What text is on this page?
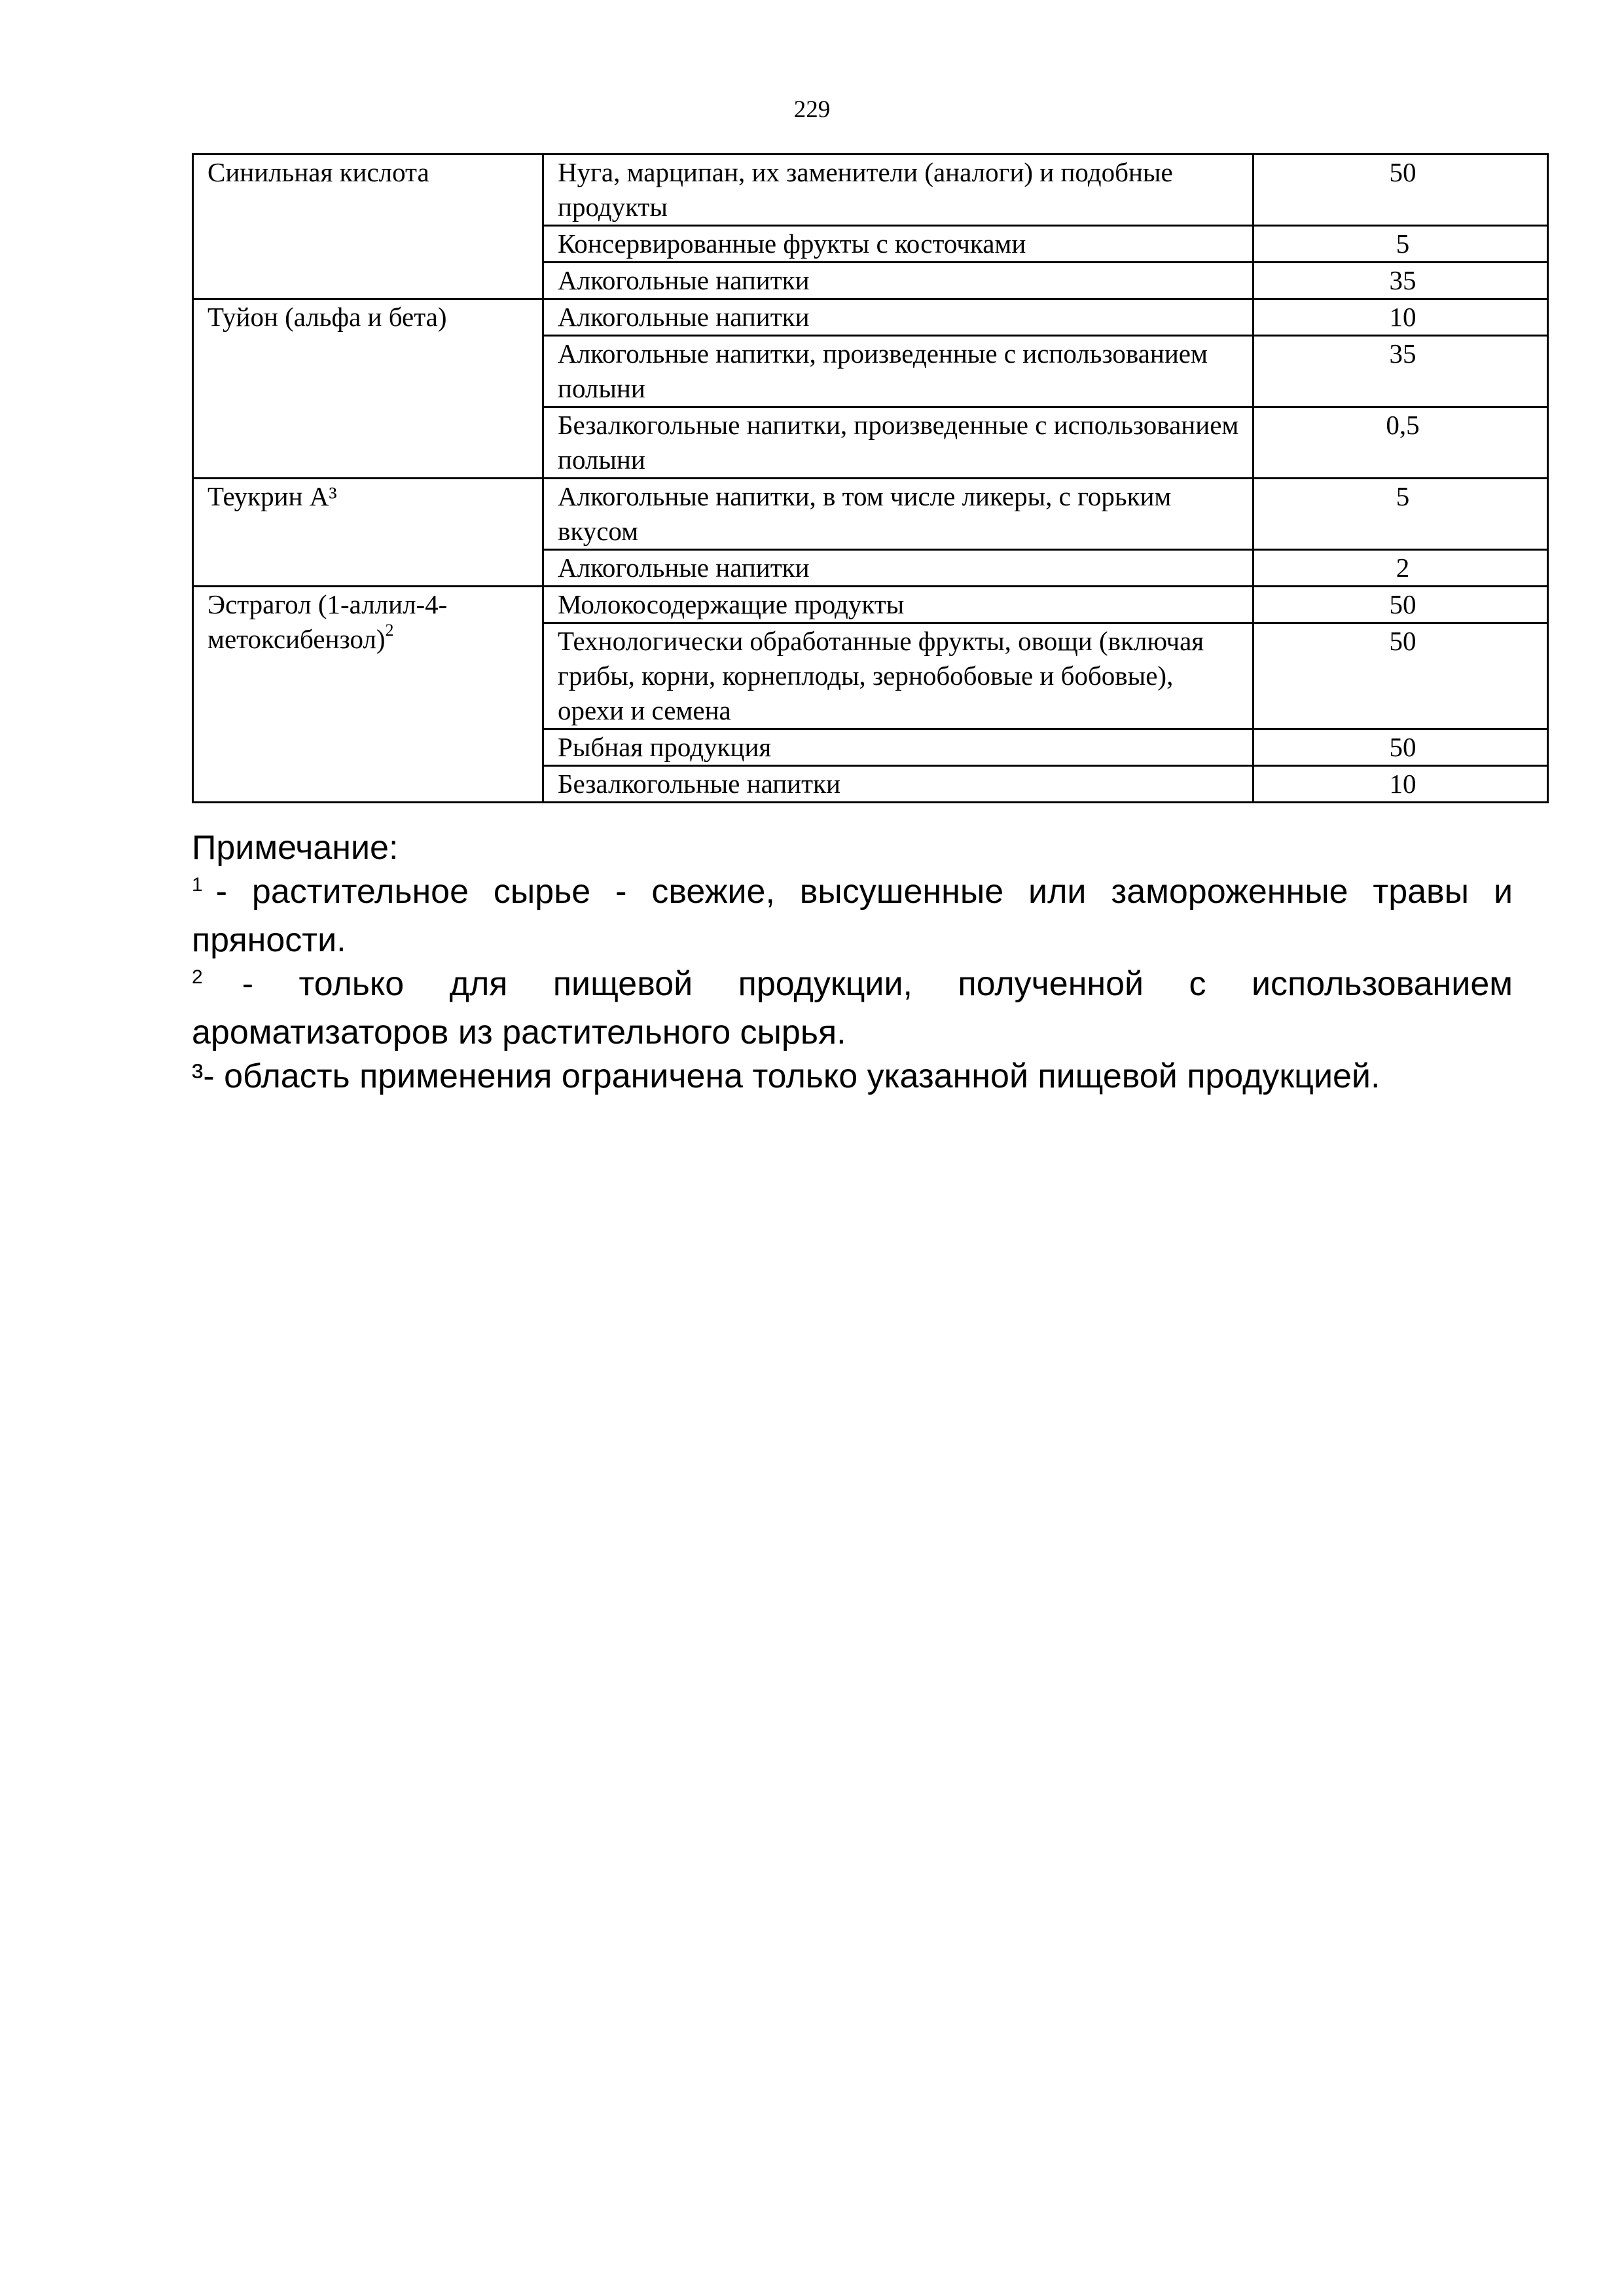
229
Синильная кислота	Нуга, марципан, их заменители (аналоги) и подобные продукты	50
	Консервированные фрукты с косточками	5
	Алкогольные напитки	35
Туйон (альфа и бета)	Алкогольные напитки	10
	Алкогольные напитки, произведенные с использованием полыни	35
	Безалкогольные напитки, произведенные с использованием полыни	0,5
Теукрин А³	Алкогольные напитки, в том числе ликеры, с горьким вкусом	5
	Алкогольные напитки	2
Эстрагол (1-аллил-4-метоксибензол)$^2$	Молокосодержащие продукты	50
	Технологически обработанные фрукты, овощи (включая грибы, корни, корнеплоды, зернобобовые и бобовые), орехи и семена	50
	Рыбная продукция	50
	Безалкогольные напитки	10

Примечание:

$^1$ - растительное сырье - свежие, высушенные или замороженные травы и пряности.

$^2$ - только для пищевой продукции, полученной с использованием ароматизаторов из растительного сырья.

³- область применения ограничена только указанной пищевой продукцией.
